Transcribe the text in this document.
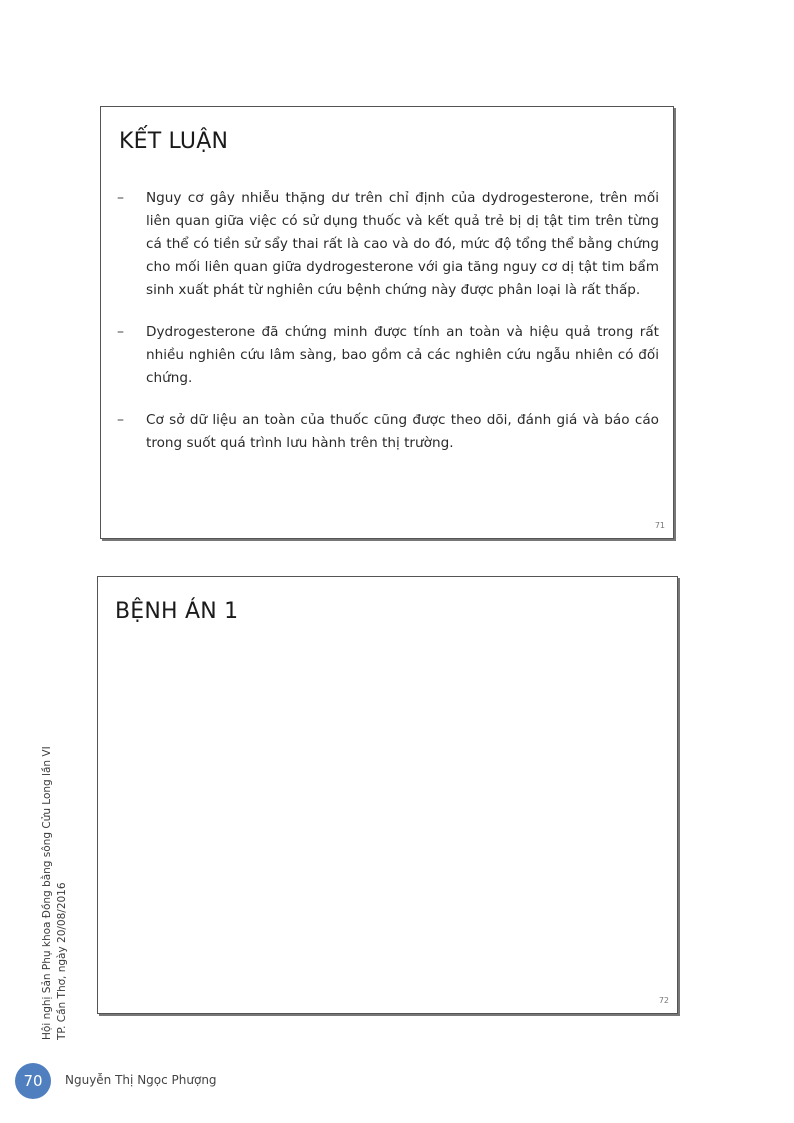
KẾT LUẬN
–	Nguy cơ gây nhiễu thặng dư trên chỉ định của dydrogesterone, trên mối liên quan giữa việc có sử dụng thuốc và kết quả trẻ bị dị tật tim trên từng cá thể có tiền sử sẩy thai rất là cao và do đó, mức độ tổng thể bằng chứng cho mối liên quan giữa dydrogesterone với gia tăng nguy cơ dị tật tim bẩm sinh xuất phát từ nghiên cứu bệnh chứng này được phân loại là rất thấp.
–	Dydrogesterone đã chứng minh được tính an toàn và hiệu quả trong rất nhiều nghiên cứu lâm sàng, bao gồm cả các nghiên cứu ngẫu nhiên có đối chứng.
–	Cơ sở dữ liệu an toàn của thuốc cũng được theo dõi, đánh giá và báo cáo trong suốt quá trình lưu hành trên thị trường.
71
BỆNH ÁN 1
72
Hội nghị Sản Phụ khoa Đồng bằng sông Cửu Long lần VI TP. Cần Thơ, ngày 20/08/2016
70	Nguyễn Thị Ngọc Phượng
